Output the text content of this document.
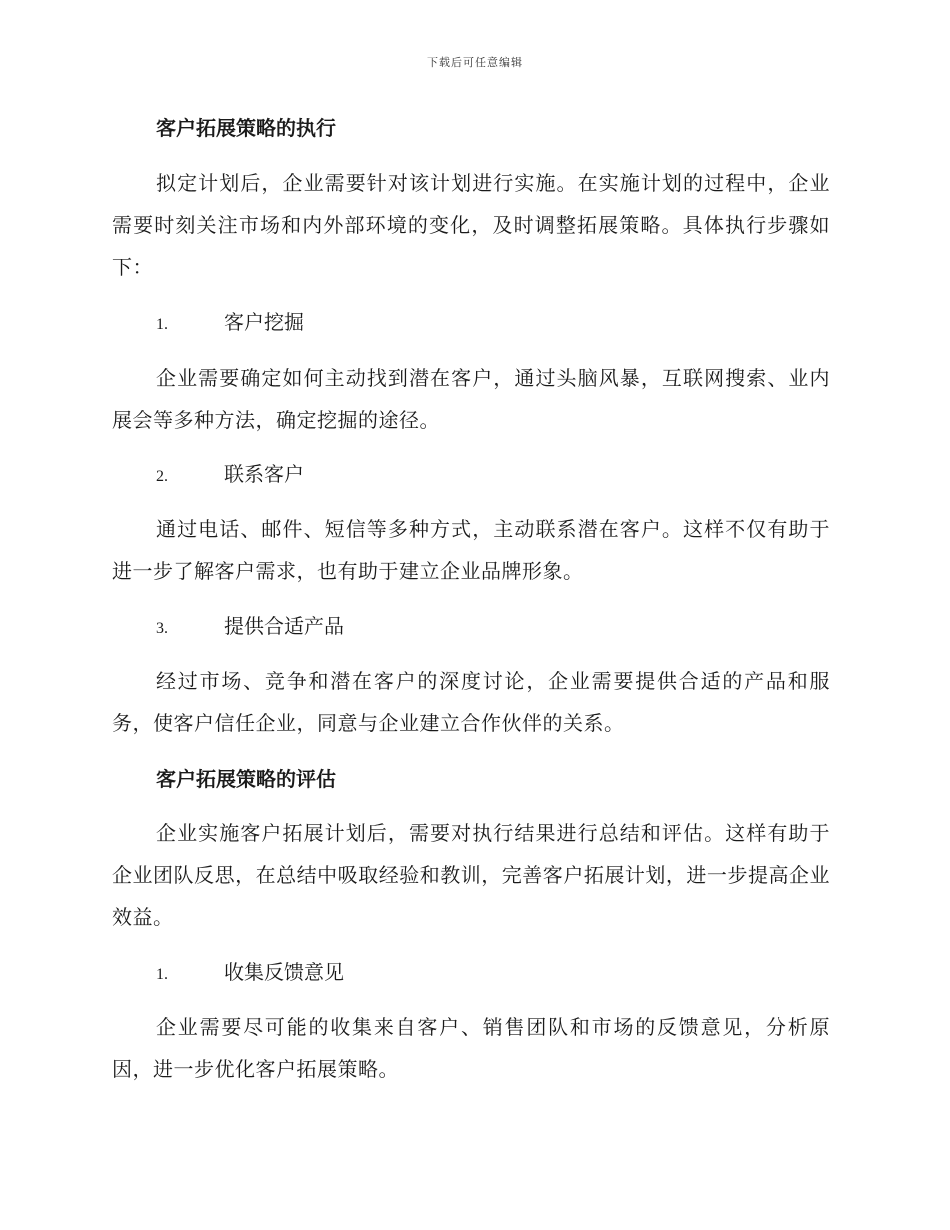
下载后可任意编辑
客户拓展策略的执行
拟定计划后，企业需要针对该计划进行实施。在实施计划的过程中，企业需要时刻关注市场和内外部环境的变化，及时调整拓展策略。具体执行步骤如下：
1.	客户挖掘
企业需要确定如何主动找到潜在客户，通过头脑风暴，互联网搜索、业内展会等多种方法，确定挖掘的途径。
2.	联系客户
通过电话、邮件、短信等多种方式，主动联系潜在客户。这样不仅有助于进一步了解客户需求，也有助于建立企业品牌形象。
3.	提供合适产品
经过市场、竞争和潜在客户的深度讨论，企业需要提供合适的产品和服务，使客户信任企业，同意与企业建立合作伙伴的关系。
客户拓展策略的评估
企业实施客户拓展计划后，需要对执行结果进行总结和评估。这样有助于企业团队反思，在总结中吸取经验和教训，完善客户拓展计划，进一步提高企业效益。
1.	收集反馈意见
企业需要尽可能的收集来自客户、销售团队和市场的反馈意见，分析原因，进一步优化客户拓展策略。
